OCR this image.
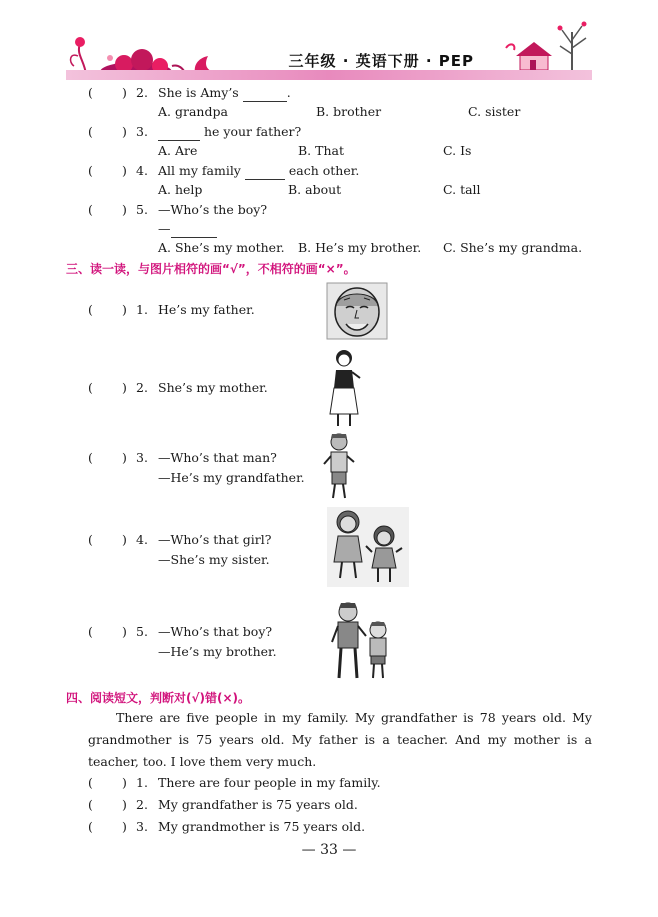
三年级 · 英语下册 · PEP
( ) 2. She is Amy’s	.
A. grandpa	B. brother	C. sister
( ) 3.	he your father?
A. Are	B. That	C. Is
( ) 4. All my family	each other.
A. help	B. about	C. tall
( ) 5. —Who’s the boy?
—
A. She’s my mother. B. He’s my brother. C. She’s my grandma.
三、读一读，与图片相符的画“√”，不相符的画“×”。
( ) 1. He’s my father.
( ) 2. She’s my mother.
( ) 3. —Who’s that man?
—He’s my grandfather.
( ) 4. —Who’s that girl?
—She’s my sister.
( ) 5. —Who’s that boy?
—He’s my brother.
四、阅读短文，判断对(√)错(×)。
There are five people in my family. My grandfather is 78 years old. My grandmother is 75 years old. My father is a teacher. And my mother is a teacher, too. I love them very much.
( ) 1. There are four people in my family.
( ) 2. My grandfather is 75 years old.
( ) 3. My grandmother is 75 years old.
— 33 —
